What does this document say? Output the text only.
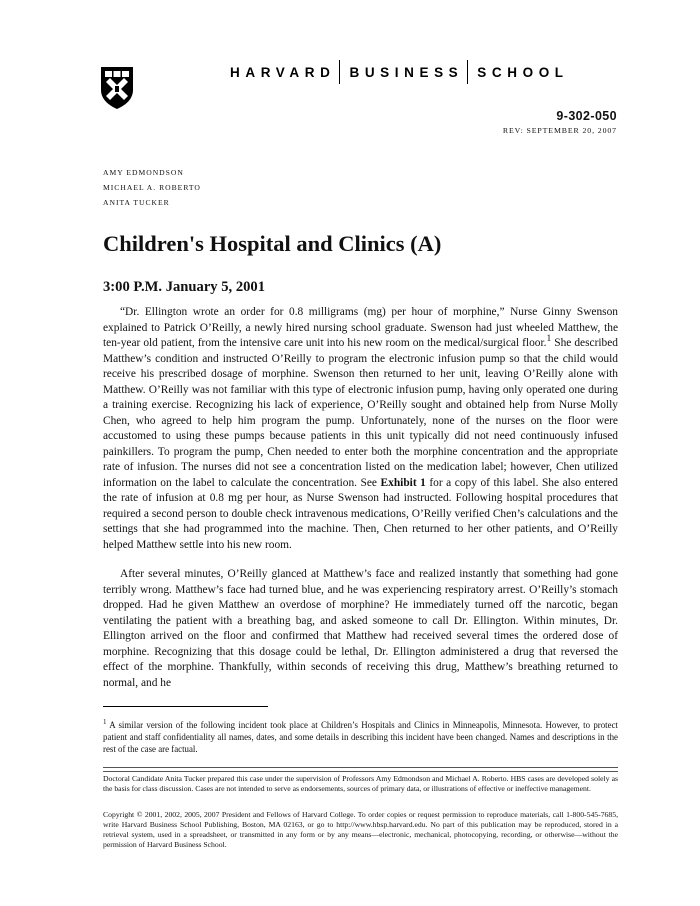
HARVARD BUSINESS SCHOOL
9-302-050
REV: SEPTEMBER 20, 2007
AMY EDMONDSON
MICHAEL A. ROBERTO
ANITA TUCKER
Children's Hospital and Clinics (A)
3:00 P.M. January 5, 2001

“Dr. Ellington wrote an order for 0.8 milligrams (mg) per hour of morphine,” Nurse Ginny Swenson explained to Patrick O’Reilly, a newly hired nursing school graduate. Swenson had just wheeled Matthew, the ten-year old patient, from the intensive care unit into his new room on the medical/surgical floor.$^1$ She described Matthew’s condition and instructed O’Reilly to program the electronic infusion pump so that the child would receive his prescribed dosage of morphine. Swenson then returned to her unit, leaving O’Reilly alone with Matthew. O’Reilly was not familiar with this type of electronic infusion pump, having only operated one during a training exercise. Recognizing his lack of experience, O’Reilly sought and obtained help from Nurse Molly Chen, who agreed to help him program the pump. Unfortunately, none of the nurses on the floor were accustomed to using these pumps because patients in this unit typically did not need continuously infused painkillers. To program the pump, Chen needed to enter both the morphine concentration and the appropriate rate of infusion. The nurses did not see a concentration listed on the medication label; however, Chen utilized information on the label to calculate the concentration. See Exhibit 1 for a copy of this label. She also entered the rate of infusion at 0.8 mg per hour, as Nurse Swenson had instructed. Following hospital procedures that required a second person to double check intravenous medications, O’Reilly verified Chen’s calculations and the settings that she had programmed into the machine. Then, Chen returned to her other patients, and O’Reilly helped Matthew settle into his new room.

After several minutes, O’Reilly glanced at Matthew’s face and realized instantly that something had gone terribly wrong. Matthew’s face had turned blue, and he was experiencing respiratory arrest. O’Reilly’s stomach dropped. Had he given Matthew an overdose of morphine? He immediately turned off the narcotic, began ventilating the patient with a breathing bag, and asked someone to call Dr. Ellington. Within minutes, Dr. Ellington arrived on the floor and confirmed that Matthew had received several times the ordered dose of morphine. Recognizing that this dosage could be lethal, Dr. Ellington administered a drug that reversed the effect of the morphine. Thankfully, within seconds of receiving this drug, Matthew’s breathing returned to normal, and he

$^1$ A similar version of the following incident took place at Children’s Hospitals and Clinics in Minneapolis, Minnesota. However, to protect patient and staff confidentiality all names, dates, and some details in describing this incident have been changed. Names and descriptions in the rest of the case are factual.
Doctoral Candidate Anita Tucker prepared this case under the supervision of Professors Amy Edmondson and Michael A. Roberto. HBS cases are developed solely as the basis for class discussion. Cases are not intended to serve as endorsements, sources of primary data, or illustrations of effective or ineffective management.
Copyright © 2001, 2002, 2005, 2007 President and Fellows of Harvard College. To order copies or request permission to reproduce materials, call 1-800-545-7685, write Harvard Business School Publishing, Boston, MA 02163, or go to http://www.hbsp.harvard.edu. No part of this publication may be reproduced, stored in a retrieval system, used in a spreadsheet, or transmitted in any form or by any means—electronic, mechanical, photocopying, recording, or otherwise—without the permission of Harvard Business School.
